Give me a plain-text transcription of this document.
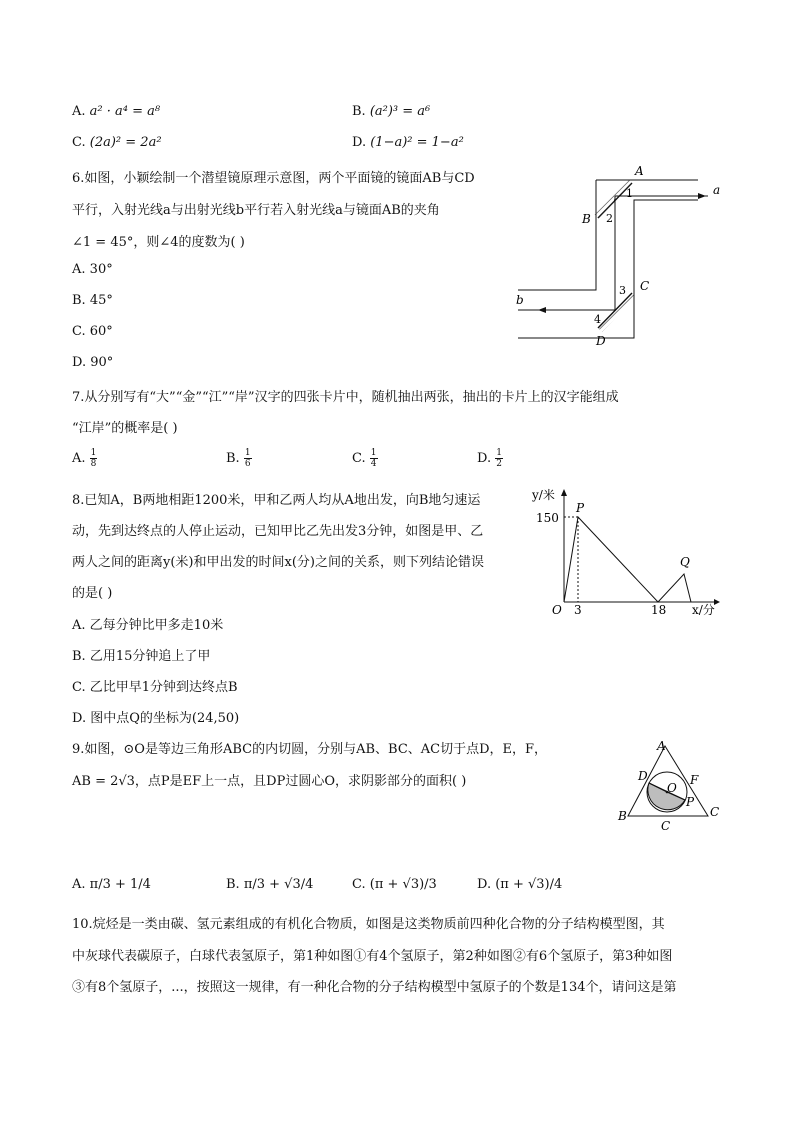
A. a² · a⁴ = a⁸	B. (a²)³ = a⁶
C. (2a)² = 2a²	D. (1−a)² = 1−a²
6.如图，小颖绘制一个潜望镜原理示意图，两个平面镜的镜面AB与CD
平行，入射光线a与出射光线b平行若入射光线a与镜面AB的夹角
∠1 = 45°，则∠4的度数为( )
A. 30°
B. 45°
C. 60°
D. 90°
A
B
C
D
a
b
1
2
3
4
7.从分别写有“大”“金”“江”“岸”汉字的四张卡片中，随机抽出两张，抽出的卡片上的汉字能组成
“江岸”的概率是( )
A. $\frac{1}{8}$	B. $\frac{1}{6}$	C. $\frac{1}{4}$	D. $\frac{1}{2}$
8.已知A，B两地相距1200米，甲和乙两人均从A地出发，向B地匀速运
动，先到达终点的人停止运动，已知甲比乙先出发3分钟，如图是甲、乙
两人之间的距离y(米)和甲出发的时间x(分)之间的关系，则下列结论错误
的是( )
A. 乙每分钟比甲多走10米
B. 乙用15分钟追上了甲
C. 乙比甲早1分钟到达终点B
D. 图中点Q的坐标为(24,50)
y/米
x/分
O
150
3	18
P
Q
9.如图，⊙O是等边三角形ABC的内切圆，分别与AB、BC、AC切于点D，E，F，
AB = 2√3，点P是EF上一点，且DP过圆心O，求阴影部分的面积( )
A
B	C
D	F
O
P
C
A. π/3 + 1/4	B. π/3 + √3/4	C. (π + √3)/3	D. (π + √3)/4
10.烷烃是一类由碳、氢元素组成的有机化合物质，如图是这类物质前四种化合物的分子结构模型图，其
中灰球代表碳原子，白球代表氢原子，第1种如图①有4个氢原子，第2种如图②有6个氢原子，第3种如图
③有8个氢原子，...，按照这一规律，有一种化合物的分子结构模型中氢原子的个数是134个，请问这是第
